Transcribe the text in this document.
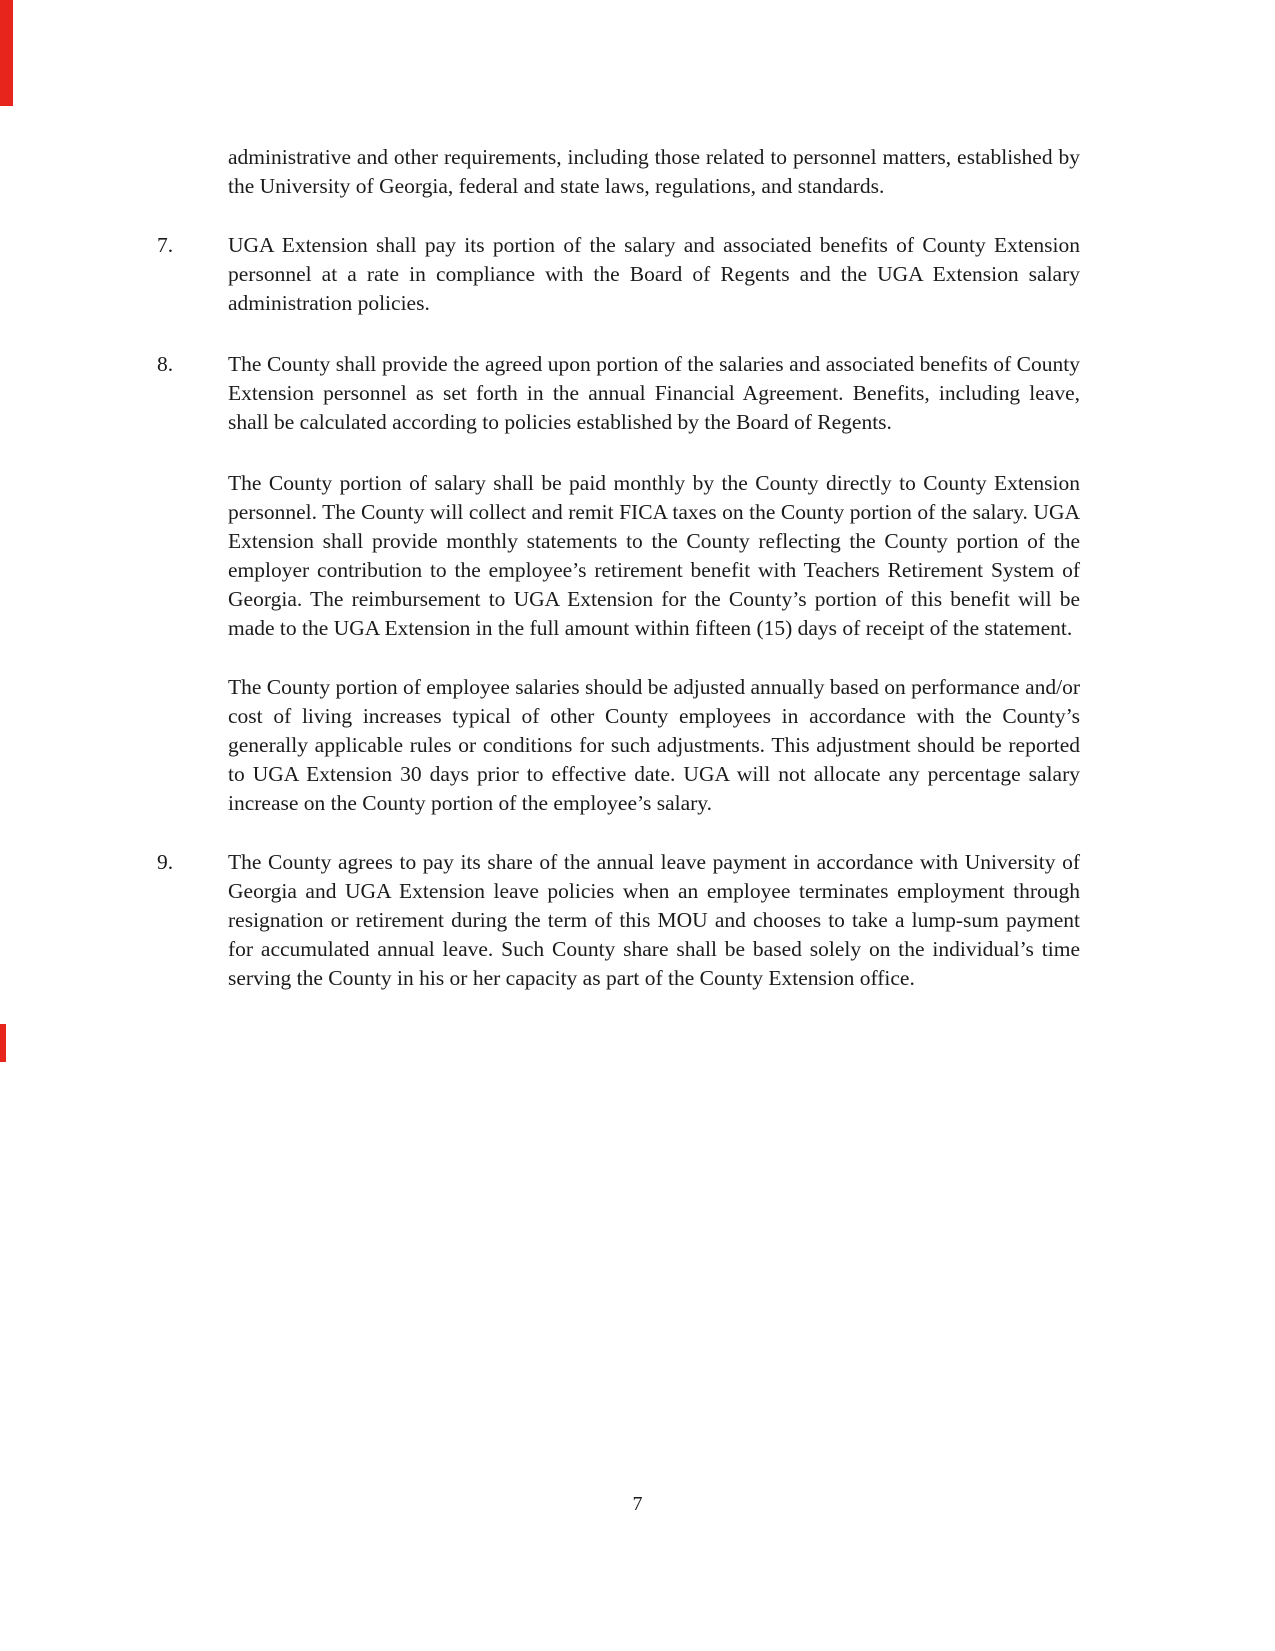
administrative and other requirements, including those related to personnel matters, established by the University of Georgia, federal and state laws, regulations, and standards.
7.	UGA Extension shall pay its portion of the salary and associated benefits of County Extension personnel at a rate in compliance with the Board of Regents and the UGA Extension salary administration policies.
8.	The County shall provide the agreed upon portion of the salaries and associated benefits of County Extension personnel as set forth in the annual Financial Agreement. Benefits, including leave, shall be calculated according to policies established by the Board of Regents.
The County portion of salary shall be paid monthly by the County directly to County Extension personnel. The County will collect and remit FICA taxes on the County portion of the salary. UGA Extension shall provide monthly statements to the County reflecting the County portion of the employer contribution to the employee’s retirement benefit with Teachers Retirement System of Georgia. The reimbursement to UGA Extension for the County’s portion of this benefit will be made to the UGA Extension in the full amount within fifteen (15) days of receipt of the statement.
The County portion of employee salaries should be adjusted annually based on performance and/or cost of living increases typical of other County employees in accordance with the County’s generally applicable rules or conditions for such adjustments. This adjustment should be reported to UGA Extension 30 days prior to effective date. UGA will not allocate any percentage salary increase on the County portion of the employee’s salary.
9.	The County agrees to pay its share of the annual leave payment in accordance with University of Georgia and UGA Extension leave policies when an employee terminates employment through resignation or retirement during the term of this MOU and chooses to take a lump-sum payment for accumulated annual leave. Such County share shall be based solely on the individual’s time serving the County in his or her capacity as part of the County Extension office.
7
